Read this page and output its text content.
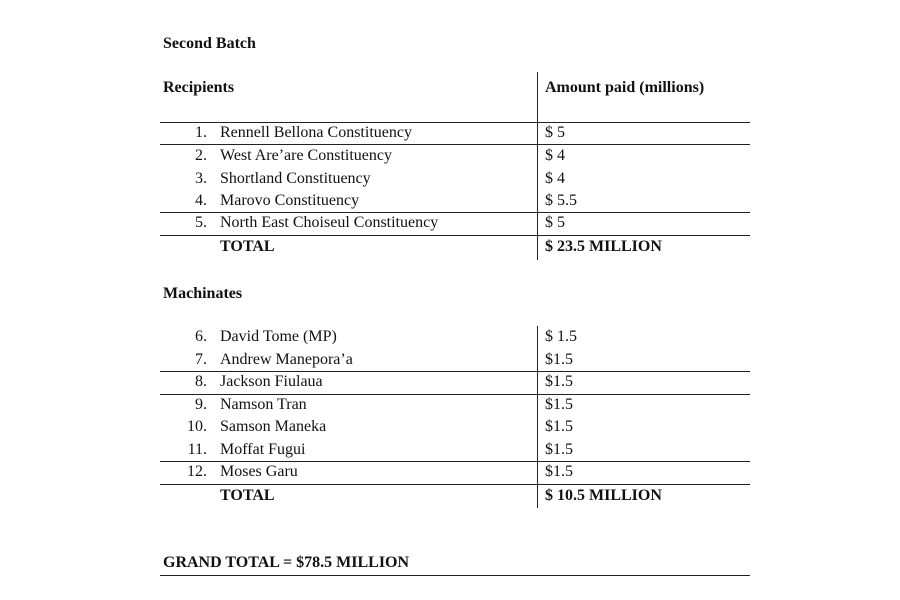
Second Batch
Recipients	Amount paid (millions)
1. Rennell Bellona Constituency	$ 5
2. West Are’are Constituency	$ 4
3. Shortland Constituency	$ 4
4. Marovo Constituency	$ 5.5
5. North East Choiseul Constituency	$ 5
TOTAL	$ 23.5 MILLION
Machinates
6. David Tome (MP)	$ 1.5
7. Andrew Manepora’a	$1.5
8. Jackson Fiulaua	$1.5
9. Namson Tran	$1.5
10. Samson Maneka	$1.5
11. Moffat Fugui	$1.5
12. Moses Garu	$1.5
TOTAL	$ 10.5 MILLION
GRAND TOTAL = $78.5 MILLION
